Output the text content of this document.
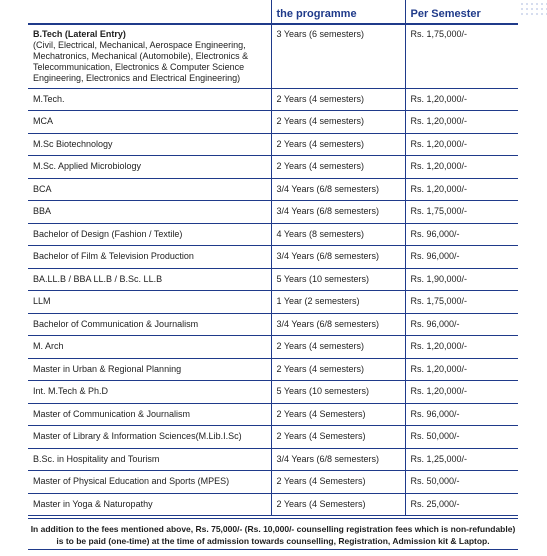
	the programme	Per Semester

B.Tech (Lateral Entry)
(Civil, Electrical, Mechanical, Aerospace Engineering,
Mechatronics, Mechanical (Automobile), Electronics &
Telecommunication, Electronics & Computer Science
Engineering, Electronics and Electrical Engineering)	3 Years (6 semesters)	Rs. 1,75,000/-
M.Tech.	2 Years (4 semesters)	Rs. 1,20,000/-
MCA	2 Years (4 semesters)	Rs. 1,20,000/-
M.Sc Biotechnology	2 Years (4 semesters)	Rs. 1,20,000/-
M.Sc. Applied Microbiology	2 Years (4 semesters)	Rs. 1,20,000/-
BCA	3/4 Years (6/8 semesters)	Rs. 1,20,000/-
BBA	3/4 Years (6/8 semesters)	Rs. 1,75,000/-
Bachelor of Design (Fashion / Textile)	4 Years (8 semesters)	Rs. 96,000/-
Bachelor of Film & Television Production	3/4 Years (6/8 semesters)	Rs. 96,000/-
BA.LL.B / BBA LL.B / B.Sc. LL.B	5 Years (10 semesters)	Rs. 1,90,000/-
LLM	1 Year (2 semesters)	Rs. 1,75,000/-
Bachelor of Communication & Journalism	3/4 Years (6/8 semesters)	Rs. 96,000/-
M. Arch	2 Years (4 semesters)	Rs. 1,20,000/-
Master in Urban & Regional Planning	2 Years (4 semesters)	Rs. 1,20,000/-
Int. M.Tech & Ph.D	5 Years (10 semesters)	Rs. 1,20,000/-
Master of Communication & Journalism	2 Years (4 Semesters)	Rs. 96,000/-
Master of Library & Information Sciences(M.Lib.I.Sc)	2 Years (4 Semesters)	Rs. 50,000/-
B.Sc. in Hospitality and Tourism	3/4 Years (6/8 semesters)	Rs. 1,25,000/-
Master of Physical Education and Sports (MPES)	2 Years (4 Semesters)	Rs. 50,000/-
Master in Yoga & Naturopathy	2 Years (4 Semesters)	Rs. 25,000/-
In addition to the fees mentioned above, Rs. 75,000/- (Rs. 10,000/- counselling registration fees which is non-refundable)
is to be paid (one-time) at the time of admission towards counselling, Registration, Admission kit & Laptop.
